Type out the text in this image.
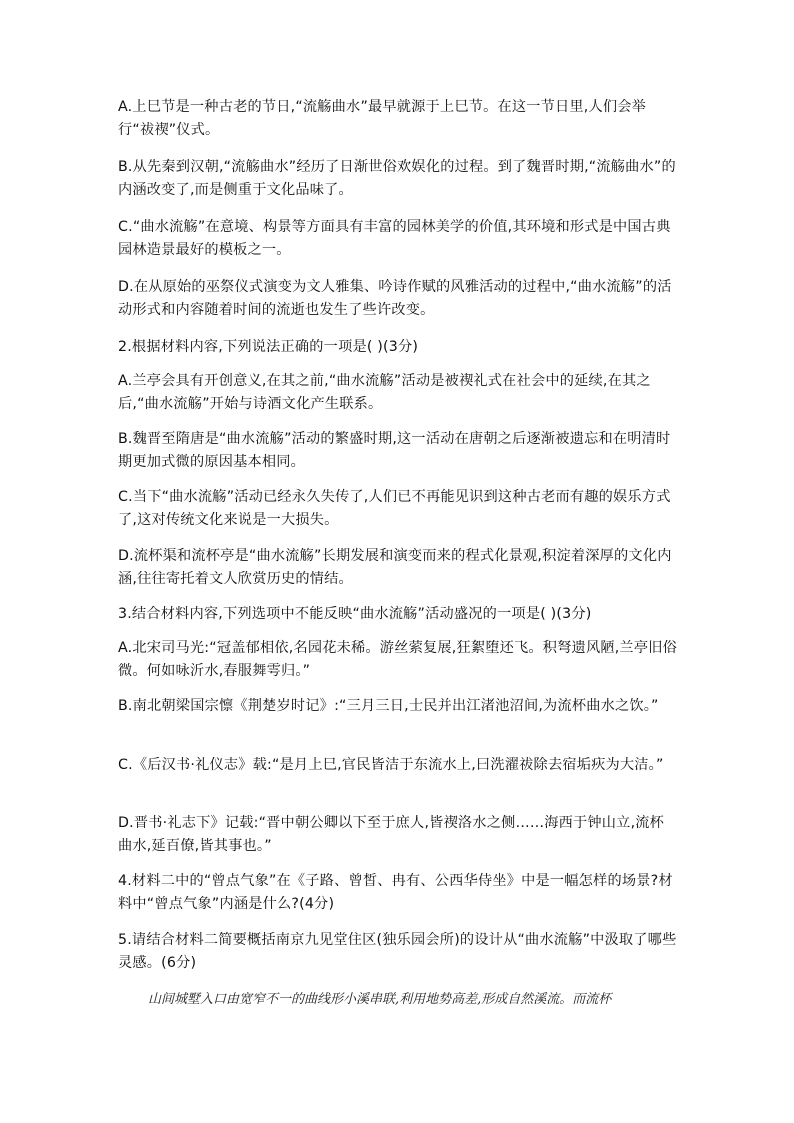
A.上巳节是一种古老的节日,“流觞曲水”最早就源于上巳节。在这一节日里,人们会举行“祓禊”仪式。

B.从先秦到汉朝,“流觞曲水”经历了日渐世俗欢娱化的过程。到了魏晋时期,“流觞曲水”的内涵改变了,而是侧重于文化品味了。

C.“曲水流觞”在意境、构景等方面具有丰富的园林美学的价值,其环境和形式是中国古典园林造景最好的模板之一。

D.在从原始的巫祭仪式演变为文人雅集、吟诗作赋的风雅活动的过程中,“曲水流觞”的活动形式和内容随着时间的流逝也发生了些许改变。

2.根据材料内容,下列说法正确的一项是( )(3分)

A.兰亭会具有开创意义,在其之前,“曲水流觞”活动是被禊礼式在社会中的延续,在其之后,“曲水流觞”开始与诗酒文化产生联系。

B.魏晋至隋唐是“曲水流觞”活动的繁盛时期,这一活动在唐朝之后逐渐被遗忘和在明清时期更加式微的原因基本相同。

C.当下“曲水流觞”活动已经永久失传了,人们已不再能见识到这种古老而有趣的娱乐方式了,这对传统文化来说是一大损失。

D.流杯渠和流杯亭是“曲水流觞”长期发展和演变而来的程式化景观,积淀着深厚的文化内涵,往往寄托着文人欣赏历史的情结。

3.结合材料内容,下列选项中不能反映“曲水流觞”活动盛况的一项是( )(3分)

A.北宋司马光:“冠盖郁相依,名园花未稀。游丝萦复展,狂絮堕还飞。积弩遗风陋,兰亭旧俗微。何如咏沂水,春服舞雩归。”

B.南北朝梁国宗懔《荆楚岁时记》:“三月三日,士民并出江渚池沼间,为流杯曲水之饮。”

C.《后汉书·礼仪志》载:“是月上巳,官民皆洁于东流水上,曰洗濯祓除去宿垢疢为大洁。”

D.晋书·礼志下》记载:“晋中朝公卿以下至于庶人,皆禊洛水之侧……海西于钟山立,流杯曲水,延百僚,皆其事也。”

4.材料二中的“曾点气象”在《子路、曾皙、冉有、公西华侍坐》中是一幅怎样的场景?材料中“曾点气象”内涵是什么?(4分)

5.请结合材料二简要概括南京九见堂住区(独乐园会所)的设计从“曲水流觞”中汲取了哪些灵感。(6分)

山间城墅入口由宽窄不一的曲线形小溪串联,利用地势高差,形成自然溪流。而流杯
